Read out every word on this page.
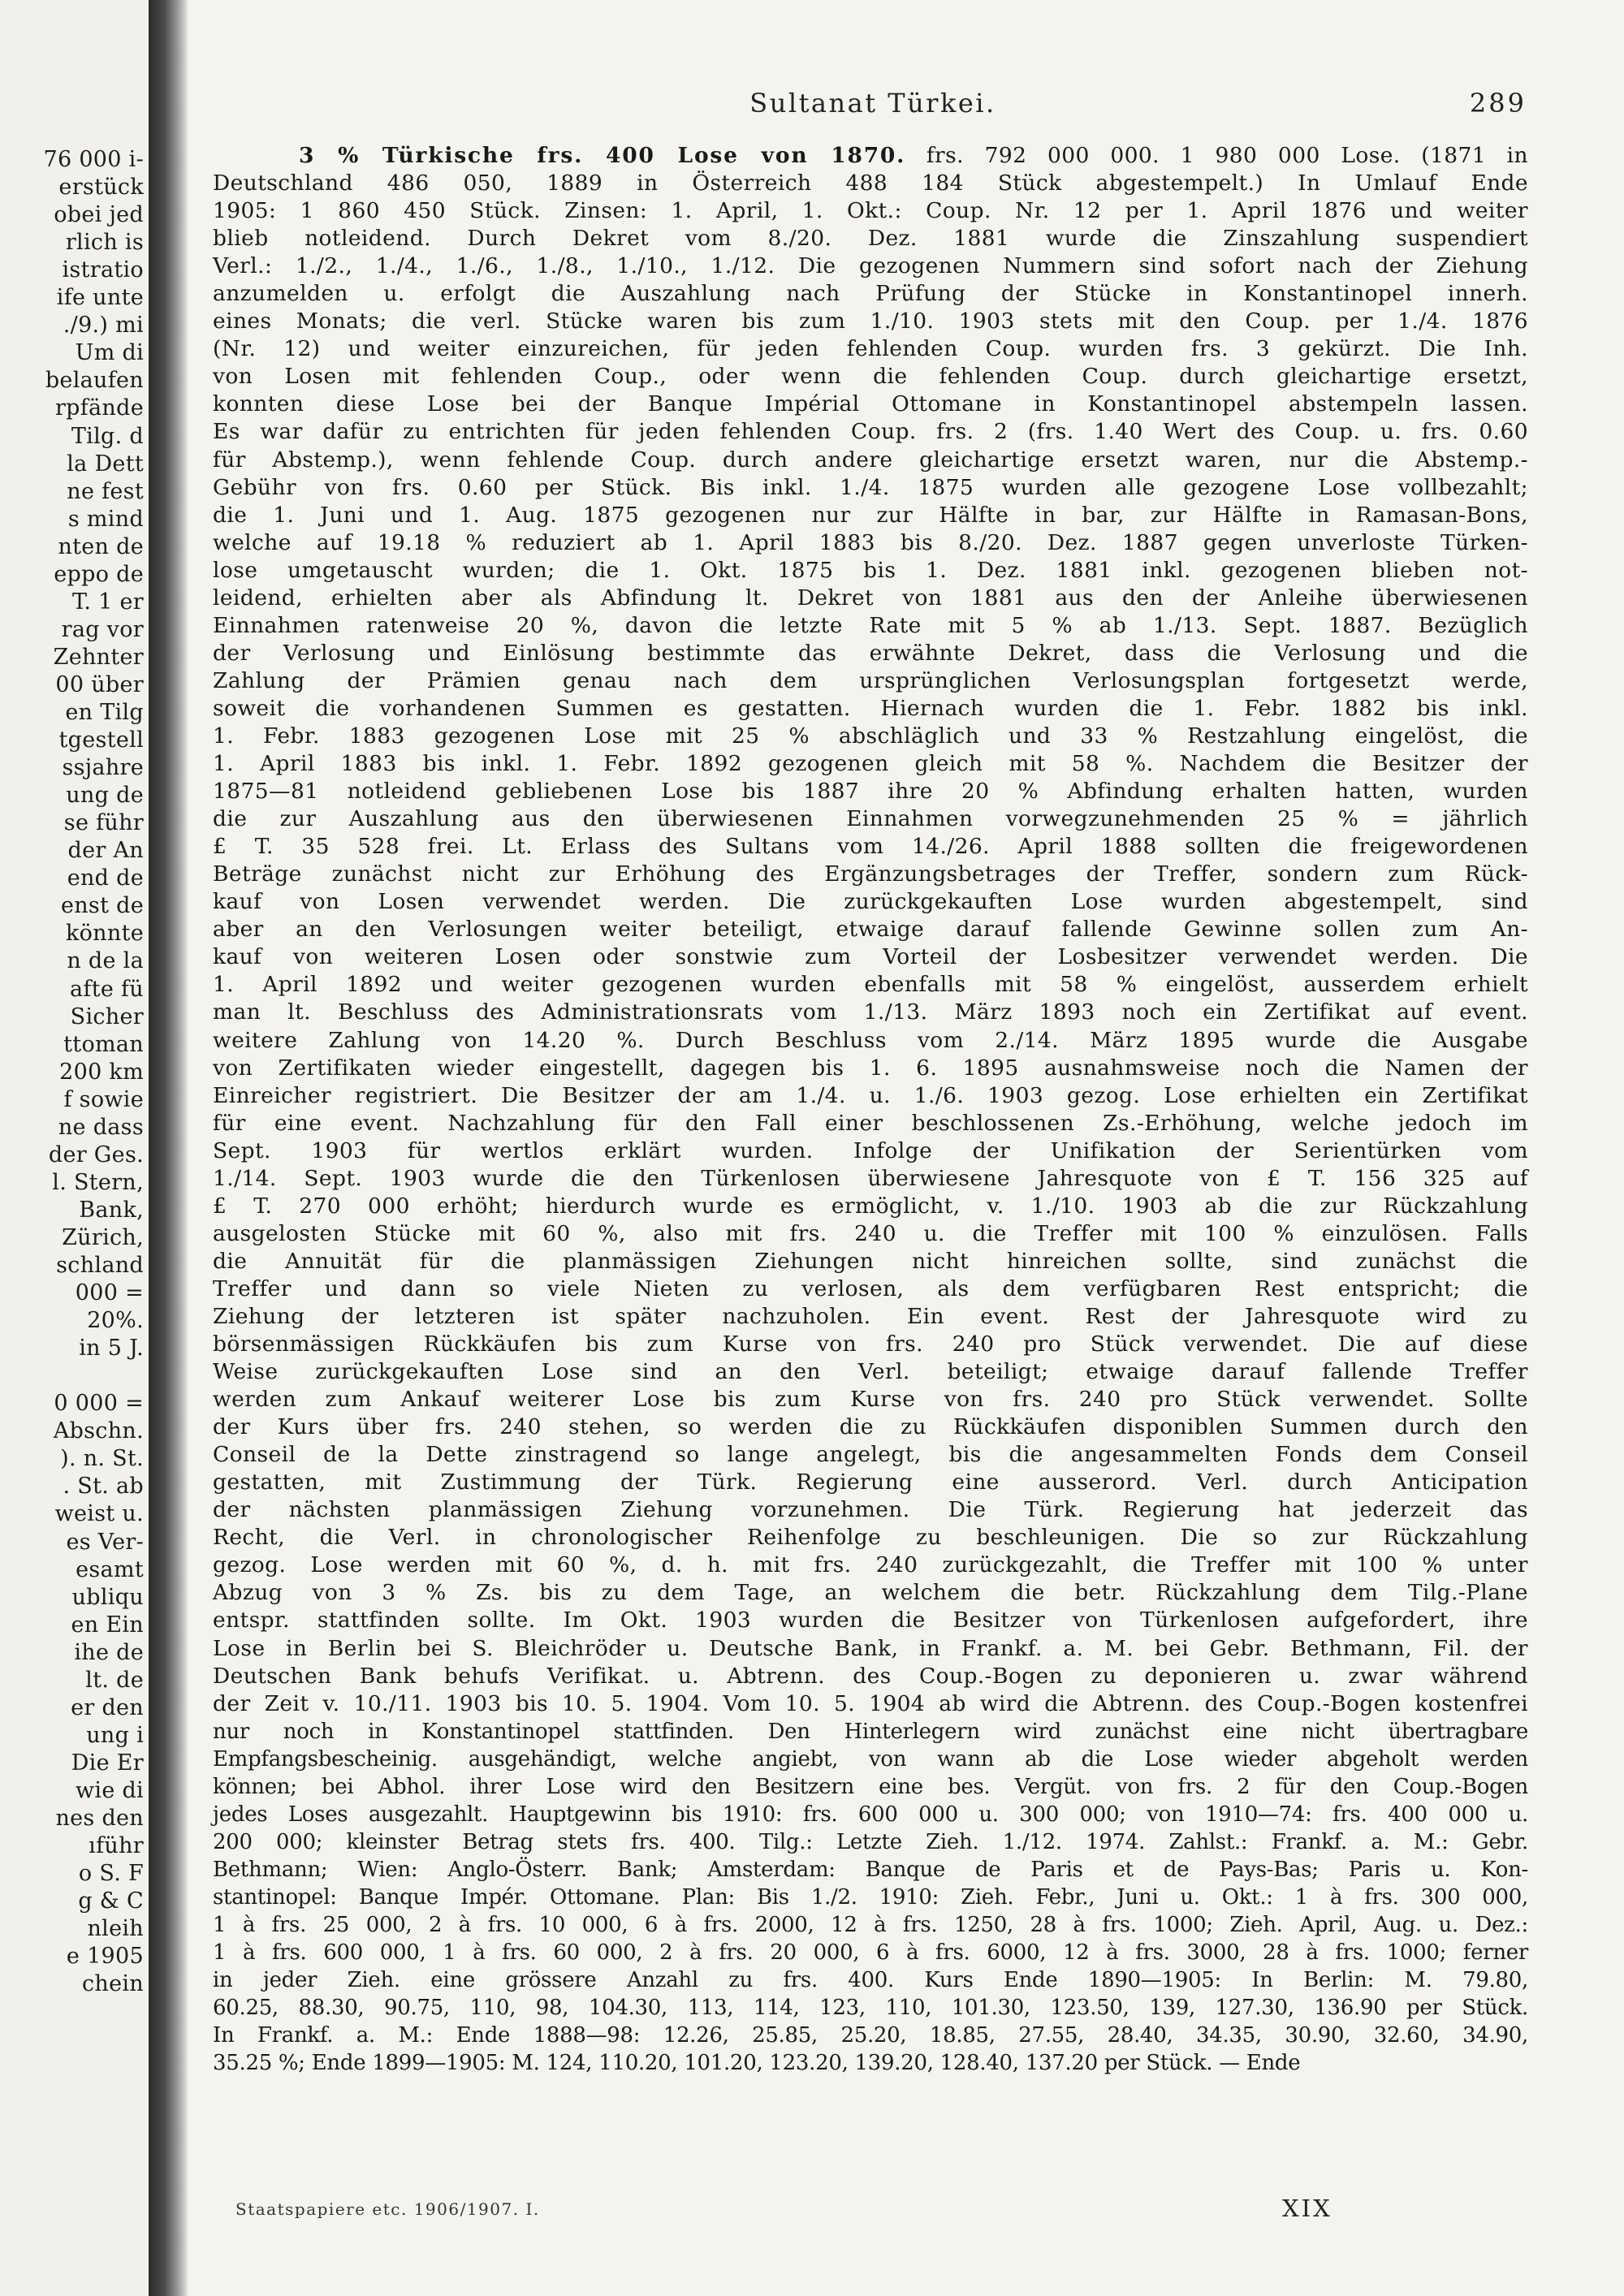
76 000 i-
erstück
obei jed
rlich is
istratio
ife unte
./9.) mi
Um di
belaufen
rpfände
Tilg. d
la Dett
ne fest
s mind
nten de
eppo de
T. 1 er
rag vor
Zehnter
00 über
en Tilg
tgestell
ssjahre
ung de
se führ
der An
end de
enst de
könnte
n de la
afte fü
Sicher
ttoman
200 km
f sowie
ne dass
der Ges.
l. Stern,
Bank,
Zürich,
schland
000 =
20%.
in 5 J.
0 000 =
Abschn.
). n. St.
. St. ab
weist u.
es Ver-
esamt
ubliqu
en Ein
ihe de
lt. de
er den
ung i
Die Er
wie di
nes den
ıführ
o S. F
g & C
nleih
e 1905
chein
Sultanat Türkei.	289
3 % Türkische frs. 400 Lose von 1870. frs. 792 000 000. 1 980 000 Lose. (1871 in
Deutschland 486 050, 1889 in Österreich 488 184 Stück abgestempelt.) In Umlauf Ende
1905: 1 860 450 Stück. Zinsen: 1. April, 1. Okt.: Coup. Nr. 12 per 1. April 1876 und weiter
blieb notleidend. Durch Dekret vom 8./20. Dez. 1881 wurde die Zinszahlung suspendiert
Verl.: 1./2., 1./4., 1./6., 1./8., 1./10., 1./12. Die gezogenen Nummern sind sofort nach der Ziehung
anzumelden u. erfolgt die Auszahlung nach Prüfung der Stücke in Konstantinopel innerh.
eines Monats; die verl. Stücke waren bis zum 1./10. 1903 stets mit den Coup. per 1./4. 1876
(Nr. 12) und weiter einzureichen, für jeden fehlenden Coup. wurden frs. 3 gekürzt. Die Inh.
von Losen mit fehlenden Coup., oder wenn die fehlenden Coup. durch gleichartige ersetzt,
konnten diese Lose bei der Banque Impérial Ottomane in Konstantinopel abstempeln lassen.
Es war dafür zu entrichten für jeden fehlenden Coup. frs. 2 (frs. 1.40 Wert des Coup. u. frs. 0.60
für Abstemp.), wenn fehlende Coup. durch andere gleichartige ersetzt waren, nur die Abstemp.-
Gebühr von frs. 0.60 per Stück. Bis inkl. 1./4. 1875 wurden alle gezogene Lose vollbezahlt;
die 1. Juni und 1. Aug. 1875 gezogenen nur zur Hälfte in bar, zur Hälfte in Ramasan-Bons,
welche auf 19.18 % reduziert ab 1. April 1883 bis 8./20. Dez. 1887 gegen unverloste Türken-
lose umgetauscht wurden; die 1. Okt. 1875 bis 1. Dez. 1881 inkl. gezogenen blieben not-
leidend, erhielten aber als Abfindung lt. Dekret von 1881 aus den der Anleihe überwiesenen
Einnahmen ratenweise 20 %, davon die letzte Rate mit 5 % ab 1./13. Sept. 1887. Bezüglich
der Verlosung und Einlösung bestimmte das erwähnte Dekret, dass die Verlosung und die
Zahlung der Prämien genau nach dem ursprünglichen Verlosungsplan fortgesetzt werde,
soweit die vorhandenen Summen es gestatten. Hiernach wurden die 1. Febr. 1882 bis inkl.
1. Febr. 1883 gezogenen Lose mit 25 % abschläglich und 33 % Restzahlung eingelöst, die
1. April 1883 bis inkl. 1. Febr. 1892 gezogenen gleich mit 58 %. Nachdem die Besitzer der
1875—81 notleidend gebliebenen Lose bis 1887 ihre 20 % Abfindung erhalten hatten, wurden
die zur Auszahlung aus den überwiesenen Einnahmen vorwegzunehmenden 25 % = jährlich
£ T. 35 528 frei. Lt. Erlass des Sultans vom 14./26. April 1888 sollten die freigewordenen
Beträge zunächst nicht zur Erhöhung des Ergänzungsbetrages der Treffer, sondern zum Rück-
kauf von Losen verwendet werden. Die zurückgekauften Lose wurden abgestempelt, sind
aber an den Verlosungen weiter beteiligt, etwaige darauf fallende Gewinne sollen zum An-
kauf von weiteren Losen oder sonstwie zum Vorteil der Losbesitzer verwendet werden. Die
1. April 1892 und weiter gezogenen wurden ebenfalls mit 58 % eingelöst, ausserdem erhielt
man lt. Beschluss des Administrationsrats vom 1./13. März 1893 noch ein Zertifikat auf event.
weitere Zahlung von 14.20 %. Durch Beschluss vom 2./14. März 1895 wurde die Ausgabe
von Zertifikaten wieder eingestellt, dagegen bis 1. 6. 1895 ausnahmsweise noch die Namen der
Einreicher registriert. Die Besitzer der am 1./4. u. 1./6. 1903 gezog. Lose erhielten ein Zertifikat
für eine event. Nachzahlung für den Fall einer beschlossenen Zs.-Erhöhung, welche jedoch im
Sept. 1903 für wertlos erklärt wurden. Infolge der Unifikation der Serientürken vom
1./14. Sept. 1903 wurde die den Türkenlosen überwiesene Jahresquote von £ T. 156 325 auf
£ T. 270 000 erhöht; hierdurch wurde es ermöglicht, v. 1./10. 1903 ab die zur Rückzahlung
ausgelosten Stücke mit 60 %, also mit frs. 240 u. die Treffer mit 100 % einzulösen. Falls
die Annuität für die planmässigen Ziehungen nicht hinreichen sollte, sind zunächst die
Treffer und dann so viele Nieten zu verlosen, als dem verfügbaren Rest entspricht; die
Ziehung der letzteren ist später nachzuholen. Ein event. Rest der Jahresquote wird zu
börsenmässigen Rückkäufen bis zum Kurse von frs. 240 pro Stück verwendet. Die auf diese
Weise zurückgekauften Lose sind an den Verl. beteiligt; etwaige darauf fallende Treffer
werden zum Ankauf weiterer Lose bis zum Kurse von frs. 240 pro Stück verwendet. Sollte
der Kurs über frs. 240 stehen, so werden die zu Rückkäufen disponiblen Summen durch den
Conseil de la Dette zinstragend so lange angelegt, bis die angesammelten Fonds dem Conseil
gestatten, mit Zustimmung der Türk. Regierung eine ausserord. Verl. durch Anticipation
der nächsten planmässigen Ziehung vorzunehmen. Die Türk. Regierung hat jederzeit das
Recht, die Verl. in chronologischer Reihenfolge zu beschleunigen. Die so zur Rückzahlung
gezog. Lose werden mit 60 %, d. h. mit frs. 240 zurückgezahlt, die Treffer mit 100 % unter
Abzug von 3 % Zs. bis zu dem Tage, an welchem die betr. Rückzahlung dem Tilg.-Plane
entspr. stattfinden sollte. Im Okt. 1903 wurden die Besitzer von Türkenlosen aufgefordert, ihre
Lose in Berlin bei S. Bleichröder u. Deutsche Bank, in Frankf. a. M. bei Gebr. Bethmann, Fil. der
Deutschen Bank behufs Verifikat. u. Abtrenn. des Coup.-Bogen zu deponieren u. zwar während
der Zeit v. 10./11. 1903 bis 10. 5. 1904. Vom 10. 5. 1904 ab wird die Abtrenn. des Coup.-Bogen kostenfrei
nur noch in Konstantinopel stattfinden. Den Hinterlegern wird zunächst eine nicht übertragbare
Empfangsbescheinig. ausgehändigt, welche angiebt, von wann ab die Lose wieder abgeholt werden
können; bei Abhol. ihrer Lose wird den Besitzern eine bes. Vergüt. von frs. 2 für den Coup.-Bogen
jedes Loses ausgezahlt. Hauptgewinn bis 1910: frs. 600 000 u. 300 000; von 1910—74: frs. 400 000 u.
200 000; kleinster Betrag stets frs. 400. Tilg.: Letzte Zieh. 1./12. 1974. Zahlst.: Frankf. a. M.: Gebr.
Bethmann; Wien: Anglo-Österr. Bank; Amsterdam: Banque de Paris et de Pays-Bas; Paris u. Kon-
stantinopel: Banque Impér. Ottomane. Plan: Bis 1./2. 1910: Zieh. Febr., Juni u. Okt.: 1 à frs. 300 000,
1 à frs. 25 000, 2 à frs. 10 000, 6 à frs. 2000, 12 à frs. 1250, 28 à frs. 1000; Zieh. April, Aug. u. Dez.:
1 à frs. 600 000, 1 à frs. 60 000, 2 à frs. 20 000, 6 à frs. 6000, 12 à frs. 3000, 28 à frs. 1000; ferner
in jeder Zieh. eine grössere Anzahl zu frs. 400. Kurs Ende 1890—1905: In Berlin: M. 79.80,
60.25, 88.30, 90.75, 110, 98, 104.30, 113, 114, 123, 110, 101.30, 123.50, 139, 127.30, 136.90 per Stück.
In Frankf. a. M.: Ende 1888—98: 12.26, 25.85, 25.20, 18.85, 27.55, 28.40, 34.35, 30.90, 32.60, 34.90,
35.25 %; Ende 1899—1905: M. 124, 110.20, 101.20, 123.20, 139.20, 128.40, 137.20 per Stück. — Ende
Staatspapiere etc. 1906/1907. I.	XIX
